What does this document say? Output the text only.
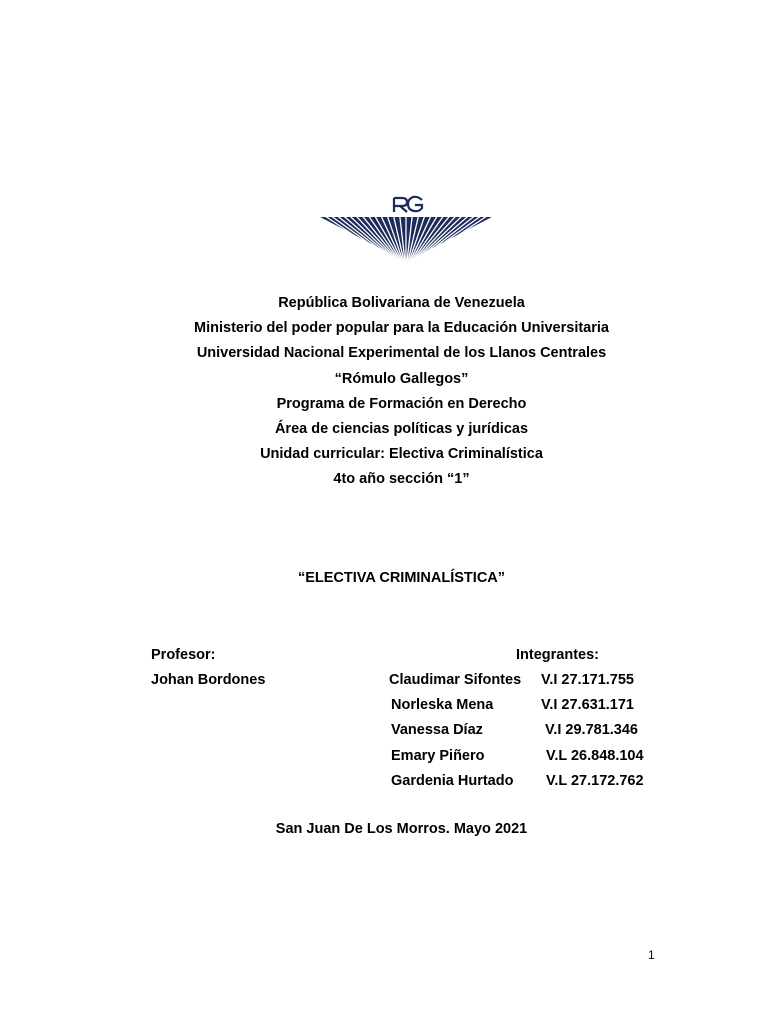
República Bolivariana de Venezuela
Ministerio del poder popular para la Educación Universitaria
Universidad Nacional Experimental de los Llanos Centrales
“Rómulo Gallegos”
Programa de Formación en Derecho
Área de ciencias políticas y jurídicas
Unidad curricular: Electiva Criminalística
4to año sección “1”
“ELECTIVA CRIMINALÍSTICA”
Profesor:
Johan Bordones
Integrantes:
Claudimar Sifontes V.I 27.171.755
Norleska Mena	V.I 27.631.171
Vanessa Díaz	V.I 29.781.346
Emary Piñero	V.L 26.848.104
Gardenia Hurtado V.L 27.172.762
San Juan De Los Morros. Mayo 2021
1
